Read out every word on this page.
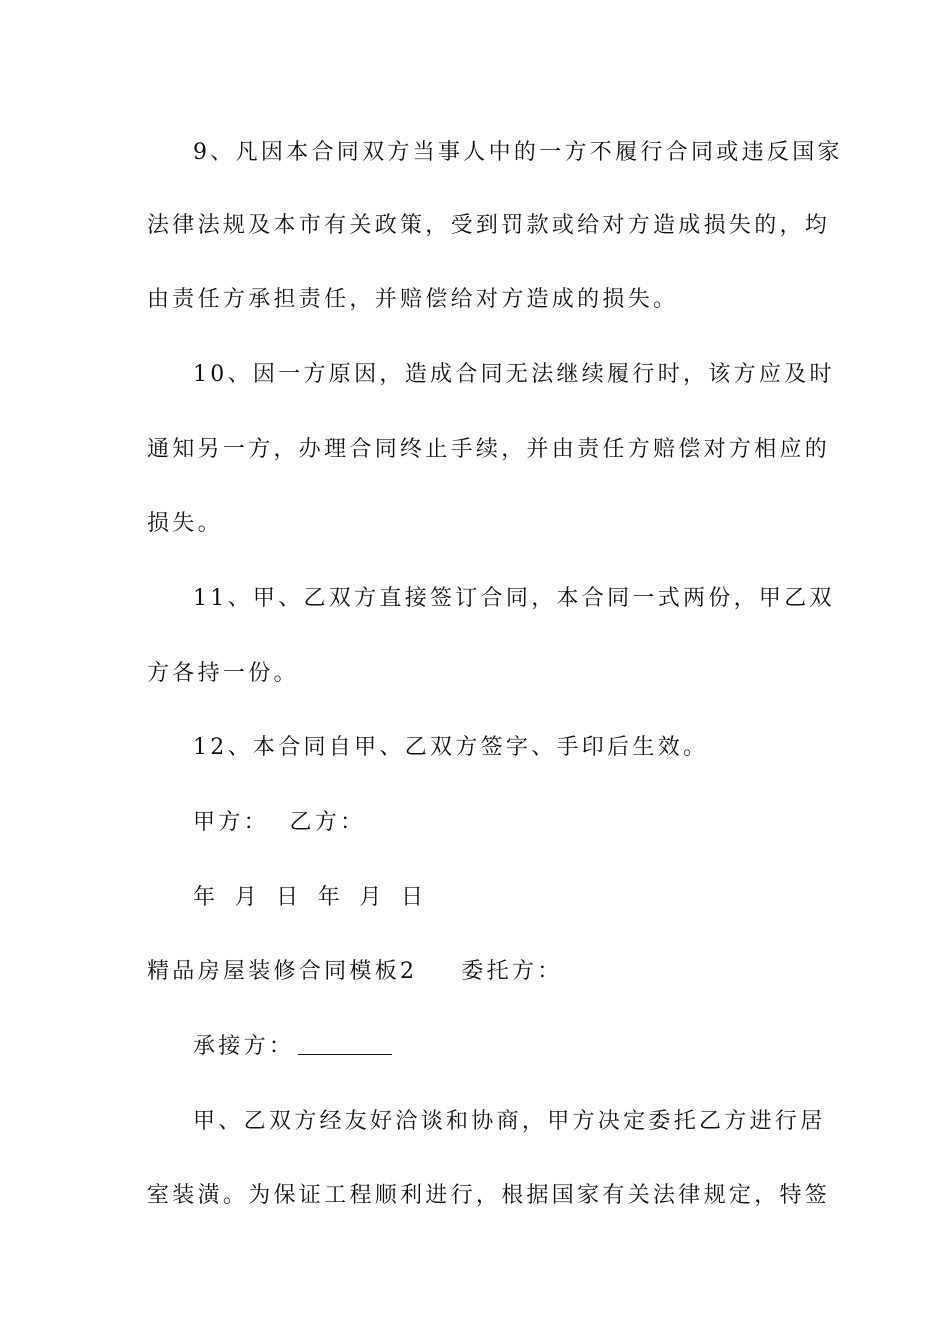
9、凡因本合同双方当事人中的一方不履行合同或违反国家
法律法规及本市有关政策，受到罚款或给对方造成损失的，均
由责任方承担责任，并赔偿给对方造成的损失。
10、因一方原因，造成合同无法继续履行时，该方应及时
通知另一方，办理合同终止手续，并由责任方赔偿对方相应的
损失。
11、甲、乙双方直接签订合同，本合同一式两份，甲乙双
方各持一份。
12、本合同自甲、乙双方签字、手印后生效。
甲方：  乙方：
年 月 日 年 月 日
精品房屋装修合同模板2 委托方：
承接方：
甲、乙双方经友好洽谈和协商，甲方决定委托乙方进行居
室装潢。为保证工程顺利进行，根据国家有关法律规定，特签
